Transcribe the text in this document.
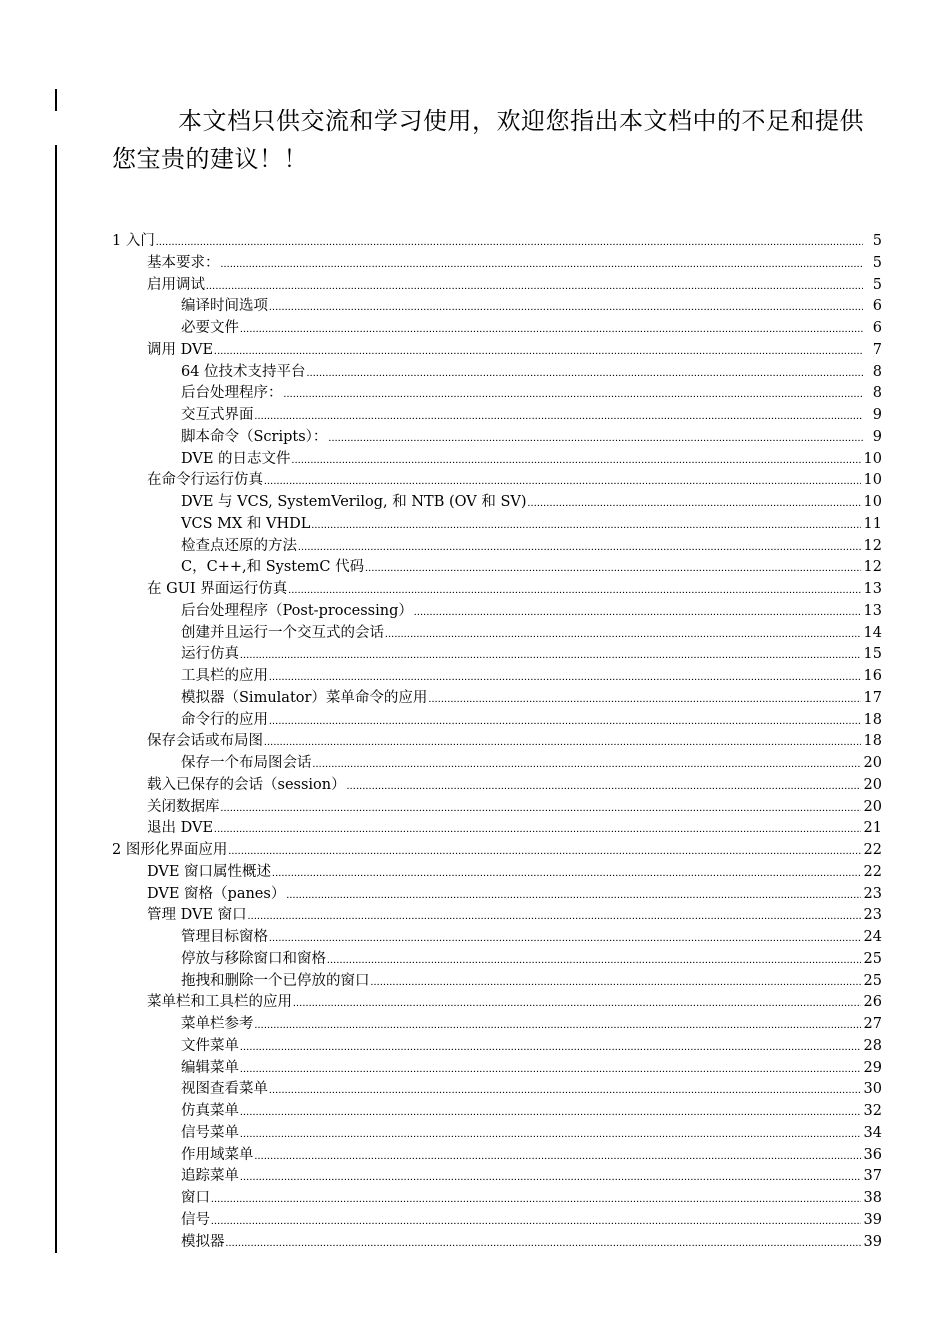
本文档只供交流和学习使用，欢迎您指出本文档中的不足和提供您宝贵的建议！！

1 入门 .....	5
基本要求： .....	5
启用调试 .....	5
编译时间选项 .....	6
必要文件 .....	6
调用 DVE .....	7
64 位技术支持平台 .....	8
后台处理程序： .....	8
交互式界面 .....	9
脚本命令（Scripts）： .....	9
DVE 的日志文件 .....	10
在命令行运行仿真 .....	10
DVE 与 VCS, SystemVerilog, 和 NTB (OV 和 SV) .....	10
VCS MX 和 VHDL .....	11
检查点还原的方法 .....	12
C，C++,和 SystemC 代码 .....	12
在 GUI 界面运行仿真 .....	13
后台处理程序（Post-processing） .....	13
创建并且运行一个交互式的会话 .....	14
运行仿真 .....	15
工具栏的应用 .....	16
模拟器（Simulator）菜单命令的应用 .....	17
命令行的应用 .....	18
保存会话或布局图 .....	18
保存一个布局图会话 .....	20
载入已保存的会话（session） .....	20
关闭数据库 .....	20
退出 DVE .....	21
2 图形化界面应用 .....	22
DVE 窗口属性概述 .....	22
DVE 窗格（panes） .....	23
管理 DVE 窗口 .....	23
管理目标窗格 .....	24
停放与移除窗口和窗格 .....	25
拖拽和删除一个已停放的窗口 .....	25
菜单栏和工具栏的应用 .....	26
菜单栏参考 .....	27
文件菜单 .....	28
编辑菜单 .....	29
视图查看菜单 .....	30
仿真菜单 .....	32
信号菜单 .....	34
作用域菜单 .....	36
追踪菜单 .....	37
窗口 .....	38
信号 .....	39
模拟器 .....	39
